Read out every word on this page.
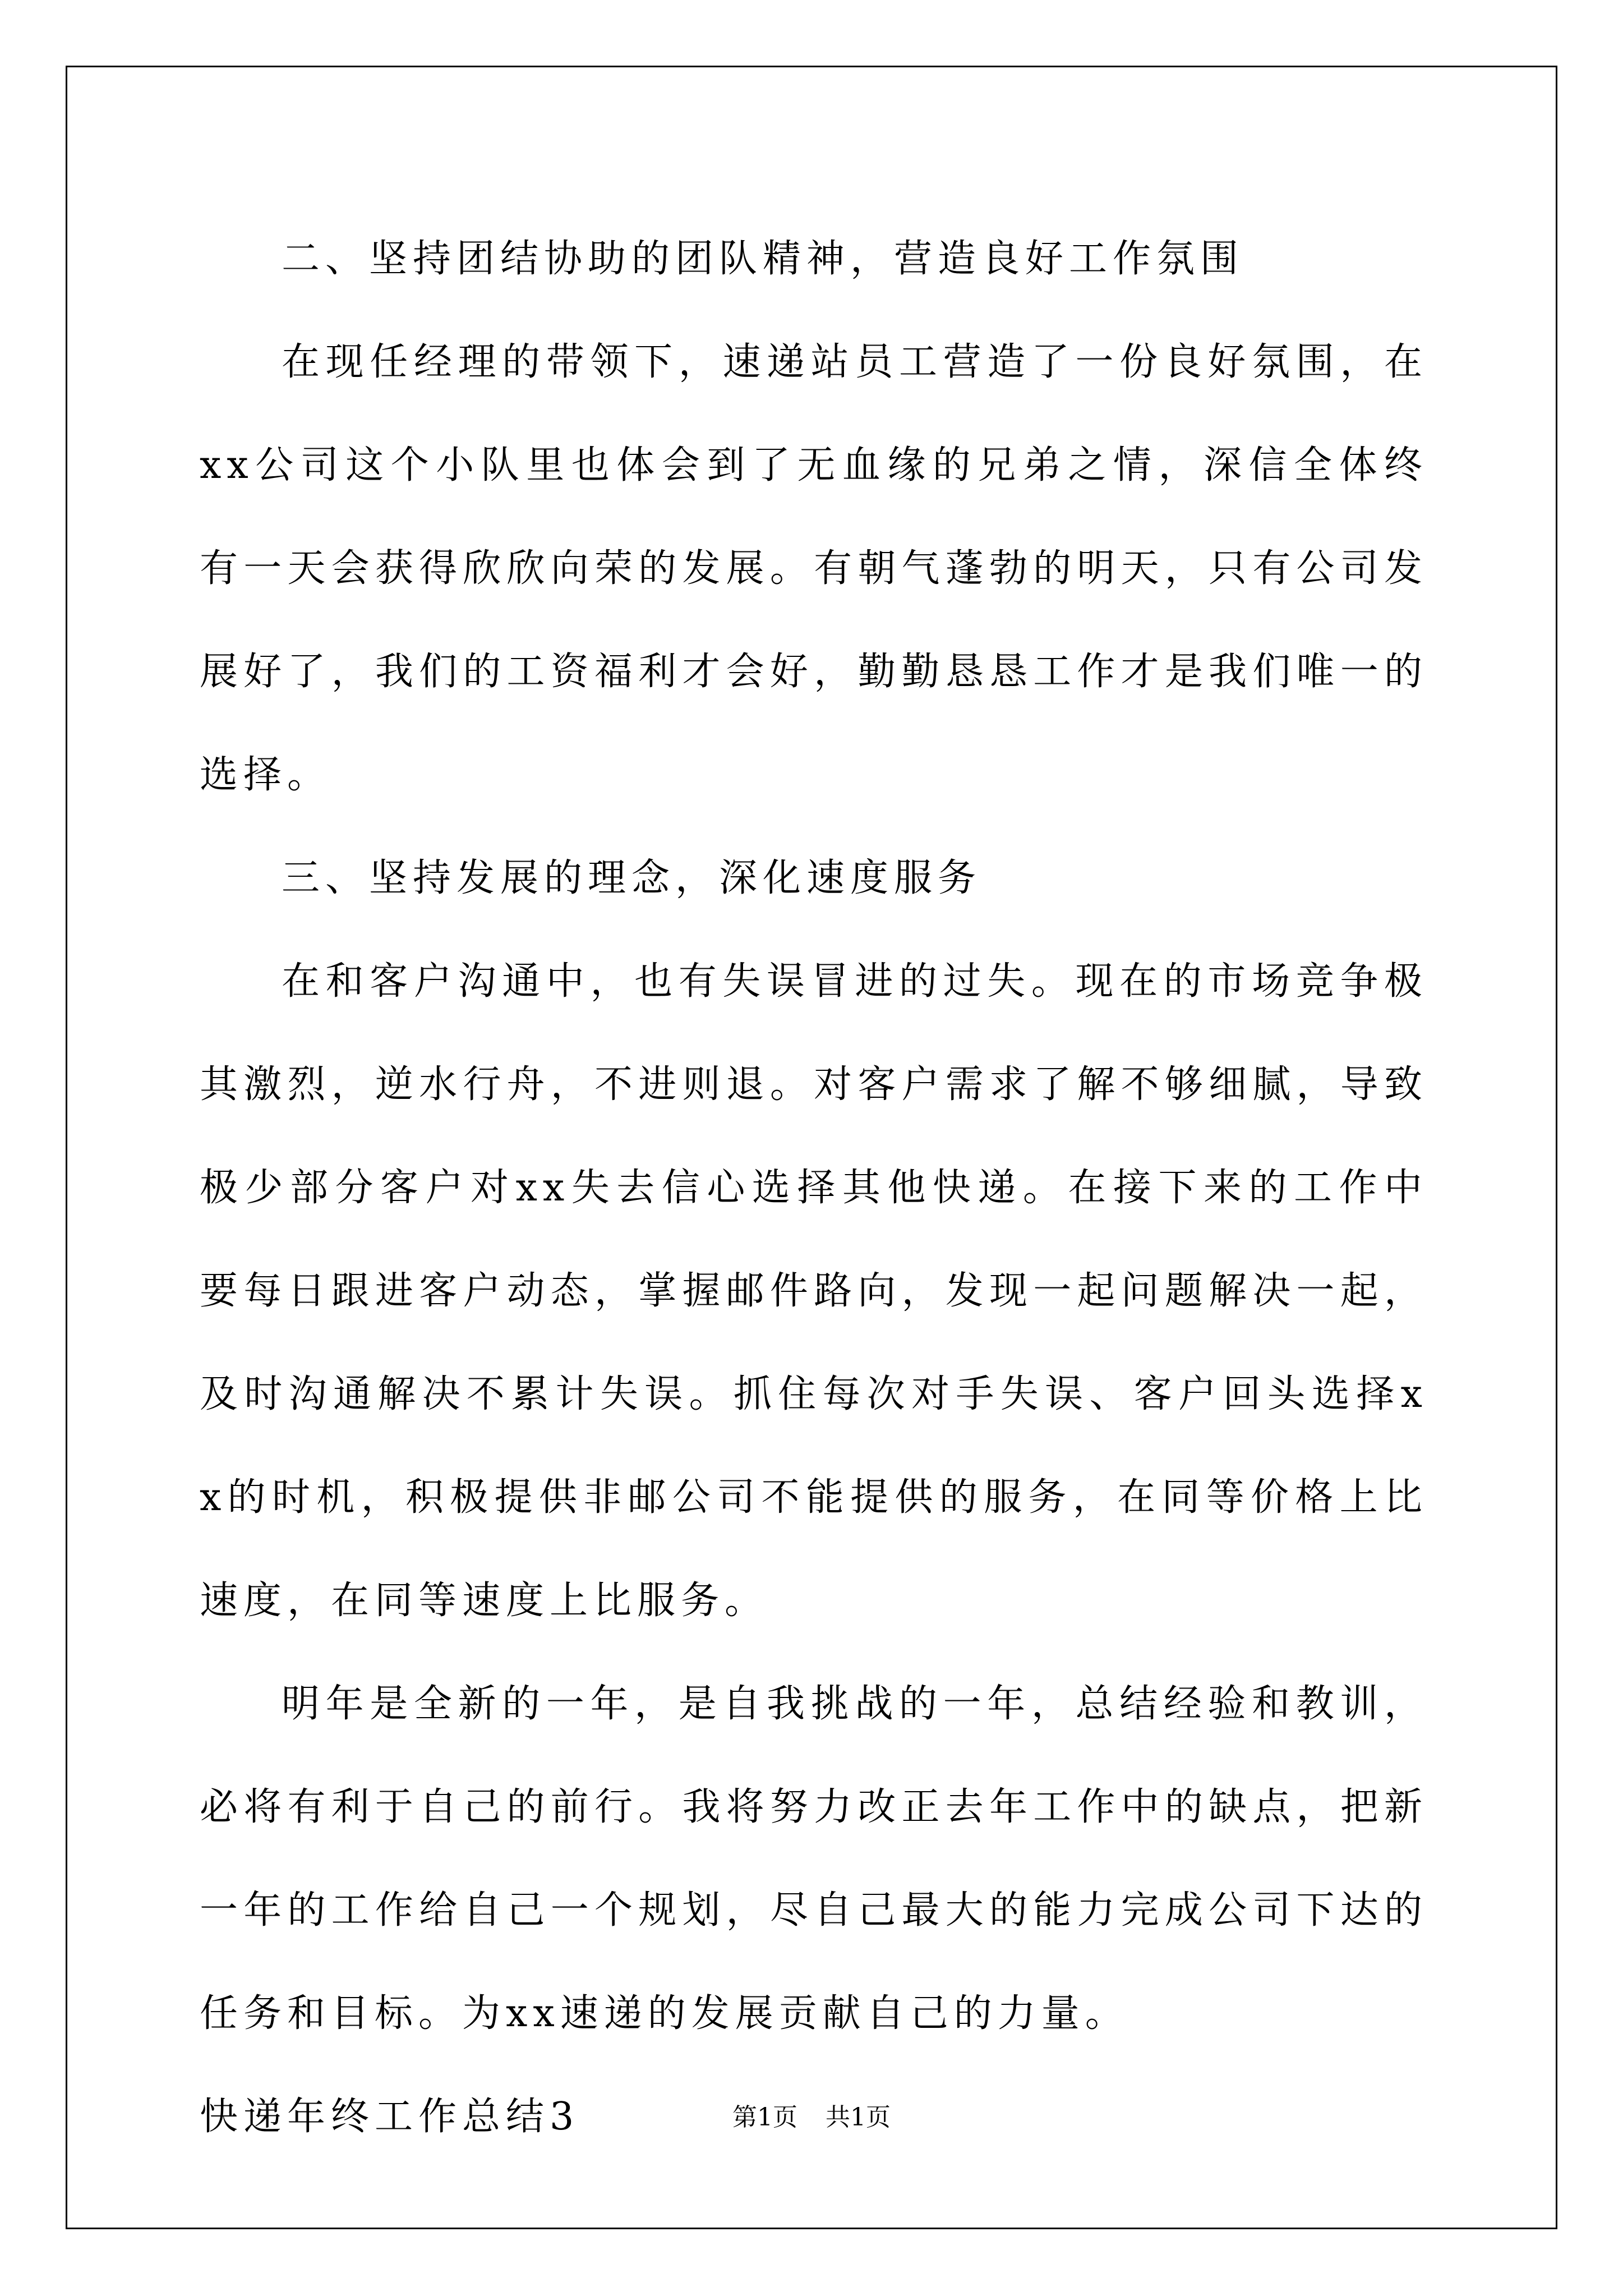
二、坚持团结协助的团队精神，营造良好工作氛围

在现任经理的带领下，速递站员工营造了一份良好氛围，在xx公司这个小队里也体会到了无血缘的兄弟之情，深信全体终有一天会获得欣欣向荣的发展。有朝气蓬勃的明天，只有公司发展好了，我们的工资福利才会好，勤勤恳恳工作才是我们唯一的选择。

三、坚持发展的理念，深化速度服务

在和客户沟通中，也有失误冒进的过失。现在的市场竞争极其激烈，逆水行舟，不进则退。对客户需求了解不够细腻，导致极少部分客户对xx失去信心选择其他快递。在接下来的工作中要每日跟进客户动态，掌握邮件路向，发现一起问题解决一起，及时沟通解决不累计失误。抓住每次对手失误、客户回头选择xx的时机，积极提供非邮公司不能提供的服务，在同等价格上比速度，在同等速度上比服务。

明年是全新的一年，是自我挑战的一年，总结经验和教训，必将有利于自己的前行。我将努力改正去年工作中的缺点，把新一年的工作给自己一个规划，尽自己最大的能力完成公司下达的任务和目标。为xx速递的发展贡献自己的力量。

快递年终工作总结3	第1页 共1页
